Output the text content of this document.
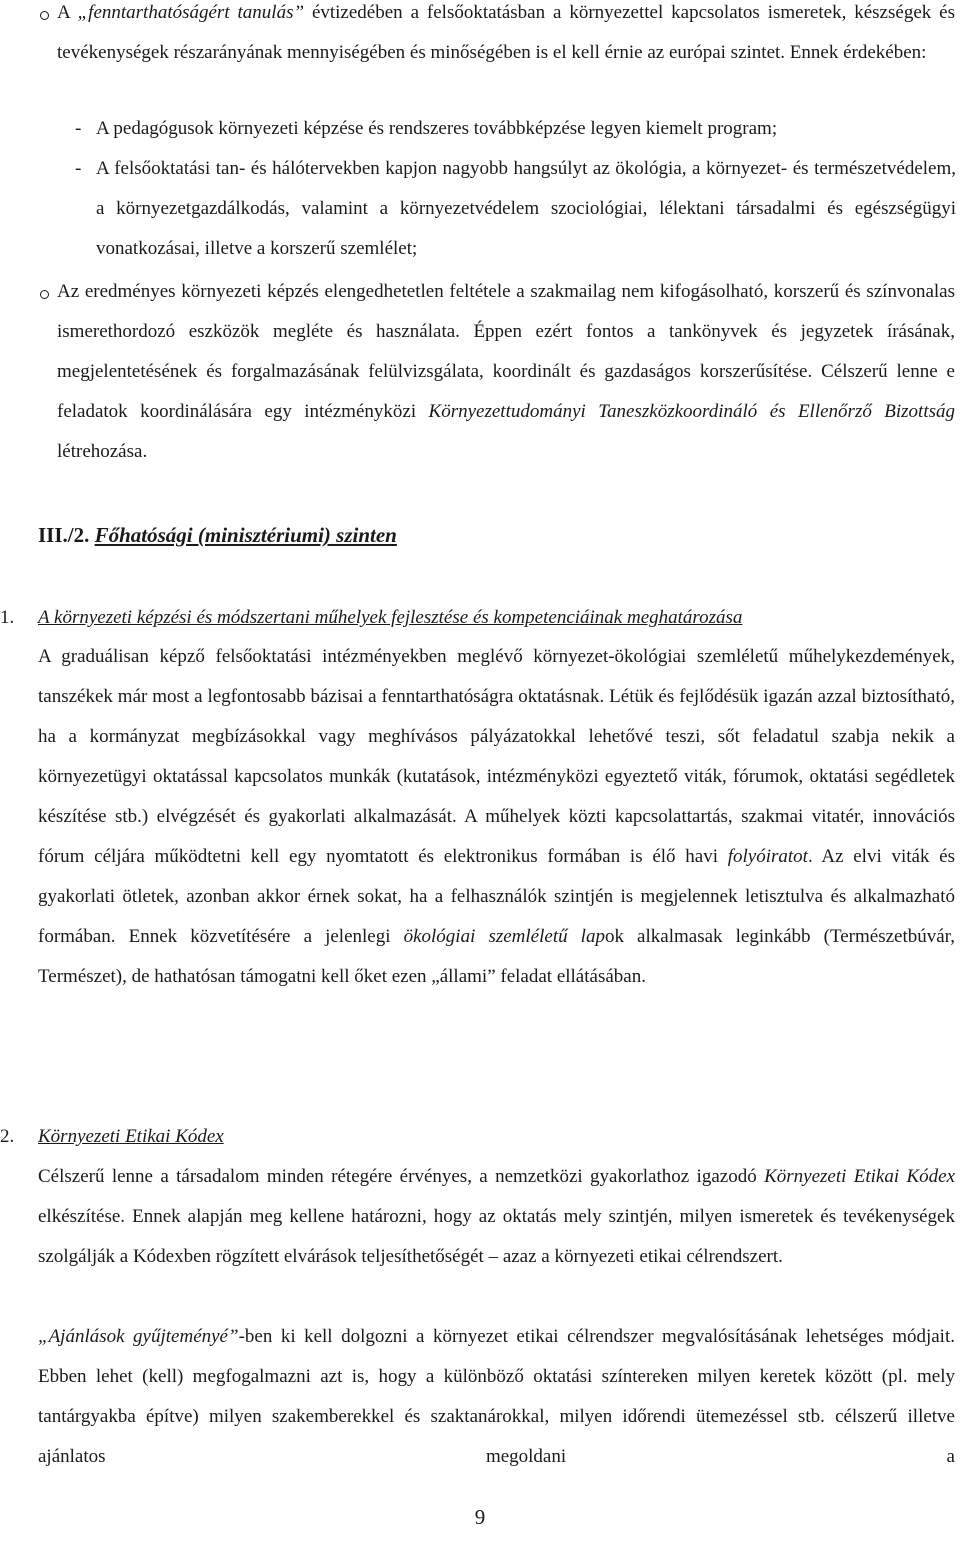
A „fenntarthatóságért tanulás” évtizedében a felsőoktatásban a környezettel kapcsolatos ismeretek, készségek és tevékenységek részarányának mennyiségében és minőségében is el kell érnie az európai szintet. Ennek érdekében:

- A pedagógusok környezeti képzése és rendszeres továbbképzése legyen kiemelt program;

- A felsőoktatási tan- és hálótervekben kapjon nagyobb hangsúlyt az ökológia, a környezet- és természetvédelem, a környezetgazdálkodás, valamint a környezetvédelem szociológiai, lélektani társadalmi és egészségügyi vonatkozásai, illetve a korszerű szemlélet;

Az eredményes környezeti képzés elengedhetetlen feltétele a szakmailag nem kifogásolható, korszerű és színvonalas ismerethordozó eszközök megléte és használata. Éppen ezért fontos a tankönyvek és jegyzetek írásának, megjelentetésének és forgalmazásának felülvizsgálata, koordinált és gazdaságos korszerűsítése. Célszerű lenne e feladatok koordinálására egy intézményközi Környezettudományi Taneszközkoordináló és Ellenőrző Bizottság létrehozása.

III./2. Főhatósági (minisztériumi) szinten
1. A környezeti képzési és módszertani műhelyek fejlesztése és kompetenciáinak meghatározása

A graduálisan képző felsőoktatási intézményekben meglévő környezet-ökológiai szemléletű műhelykezdemények, tanszékek már most a legfontosabb bázisai a fenntarthatóságra oktatásnak. Létük és fejlődésük igazán azzal biztosítható, ha a kormányzat megbízásokkal vagy meghívásos pályázatokkal lehetővé teszi, sőt feladatul szabja nekik a környezetügyi oktatással kapcsolatos munkák (kutatások, intézményközi egyeztető viták, fórumok, oktatási segédletek készítése stb.) elvégzését és gyakorlati alkalmazását. A műhelyek közti kapcsolattartás, szakmai vitatér, innovációs fórum céljára működtetni kell egy nyomtatott és elektronikus formában is élő havi folyóiratot. Az elvi viták és gyakorlati ötletek, azonban akkor érnek sokat, ha a felhasználók szintjén is megjelennek letisztulva és alkalmazható formában. Ennek közvetítésére a jelenlegi ökológiai szemléletű lapok alkalmasak leginkább (Természetbúvár, Természet), de hathatósan támogatni kell őket ezen „állami” feladat ellátásában.

2. Környezeti Etikai Kódex

Célszerű lenne a társadalom minden rétegére érvényes, a nemzetközi gyakorlathoz igazodó Környezeti Etikai Kódex elkészítése. Ennek alapján meg kellene határozni, hogy az oktatás mely szintjén, milyen ismeretek és tevékenységek szolgálják a Kódexben rögzített elvárások teljesíthetőségét – azaz a környezeti etikai célrendszert.

„Ajánlások gyűjteményé”-ben ki kell dolgozni a környezet etikai célrendszer megvalósításának lehetséges módjait. Ebben lehet (kell) megfogalmazni azt is, hogy a különböző oktatási színtereken milyen keretek között (pl. mely tantárgyakba építve) milyen szakemberekkel és szaktanárokkal, milyen időrendi ütemezéssel stb. célszerű illetve ajánlatos megoldani a

9
